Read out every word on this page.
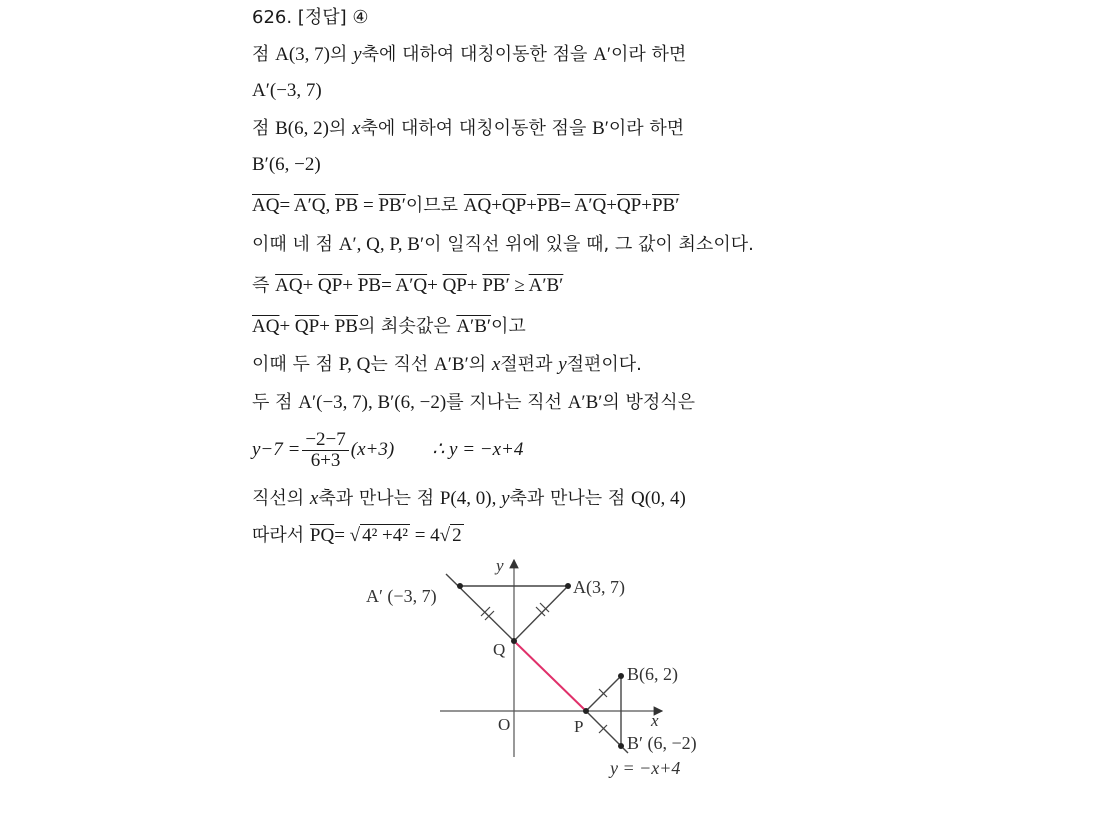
626. [정답] ④
점 A(3, 7)의 y축에 대하여 대칭이동한 점을 A′이라 하면
A′(−3, 7)
점 B(6, 2)의 x축에 대하여 대칭이동한 점을 B′이라 하면
B′(6, −2)
$\overline{AQ}= A'Q$, $\overline{PB} = PB'$이므로 $\overline{AQ}+\overline{QP}+\overline{PB}= A'Q+\overline{QP}+PB'$
이때 네 점 A′, Q, P, B′이 일직선 위에 있을 때, 그 값이 최소이다.
즉 $\overline{AQ}+ \overline{QP}+ \overline{PB}= A'Q+ \overline{QP}+ PB' \ge A'B'$
$\overline{AQ}+ \overline{QP}+ \overline{PB}$의 최솟값은 A′B′이고
이때 두 점 P, Q는 직선 A′B′의 x절편과 y절편이다.
두 점 A′(−3, 7), B′(6, −2)를 지나는 직선 A′B′의 방정식은
$y-7 = \frac{-2-7}{6+3} (x+3)$ ∴ y = −x+4
직선의 x축과 만나는 점 P(4, 0), y축과 만나는 점 Q(0, 4)
따라서 $\overline{PQ}=$ √ 4² +4² = 4√ 2
A′ (−3, 7)	A(3, 7)
Q
B(6, 2)
O	P	x
y
B′ (6, −2)
y = −x+4
